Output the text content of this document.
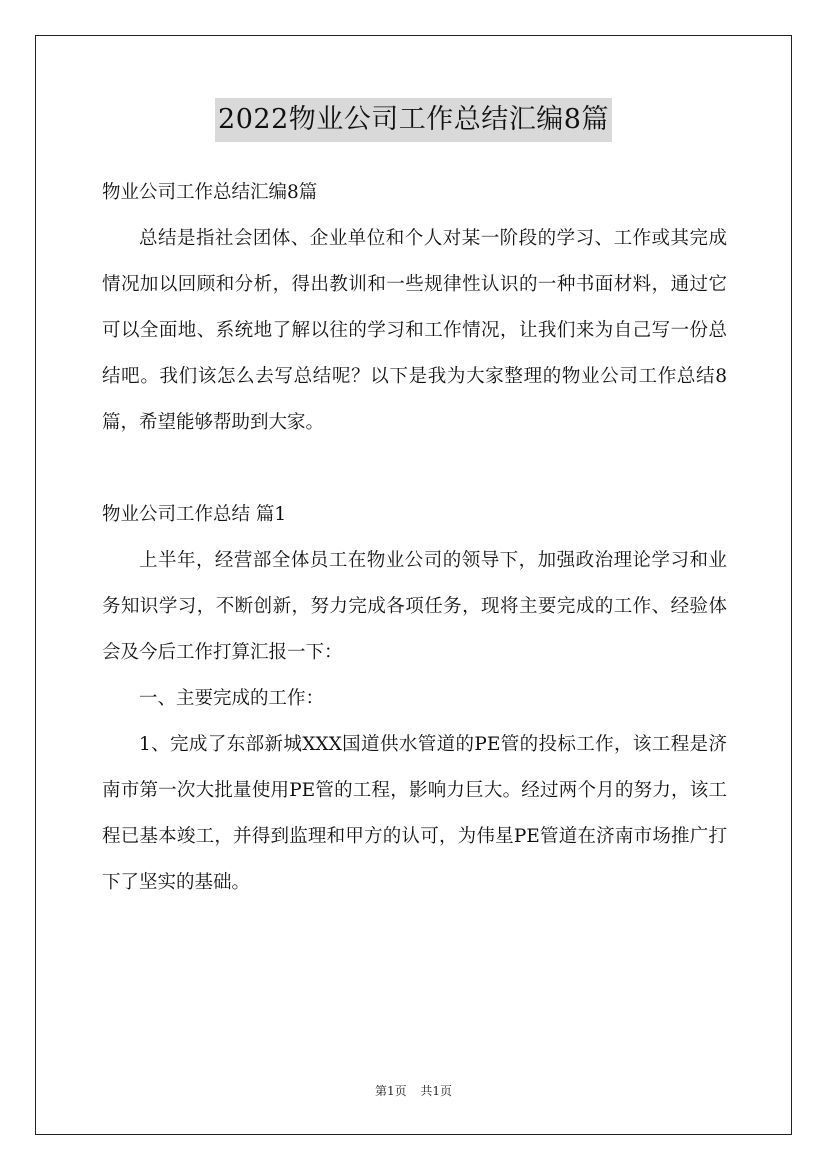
2022物业公司工作总结汇编8篇

物业公司工作总结汇编8篇

总结是指社会团体、企业单位和个人对某一阶段的学习、工作或其完成情况加以回顾和分析，得出教训和一些规律性认识的一种书面材料，通过它可以全面地、系统地了解以往的学习和工作情况，让我们来为自己写一份总结吧。我们该怎么去写总结呢？以下是我为大家整理的物业公司工作总结8篇，希望能够帮助到大家。

物业公司工作总结 篇1

上半年，经营部全体员工在物业公司的领导下，加强政治理论学习和业务知识学习，不断创新，努力完成各项任务，现将主要完成的工作、经验体会及今后工作打算汇报一下：

一、主要完成的工作：

1、完成了东部新城XXX国道供水管道的PE管的投标工作，该工程是济南市第一次大批量使用PE管的工程，影响力巨大。经过两个月的努力，该工程已基本竣工，并得到监理和甲方的认可，为伟星PE管道在济南市场推广打下了坚实的基础。

第1页 共1页
